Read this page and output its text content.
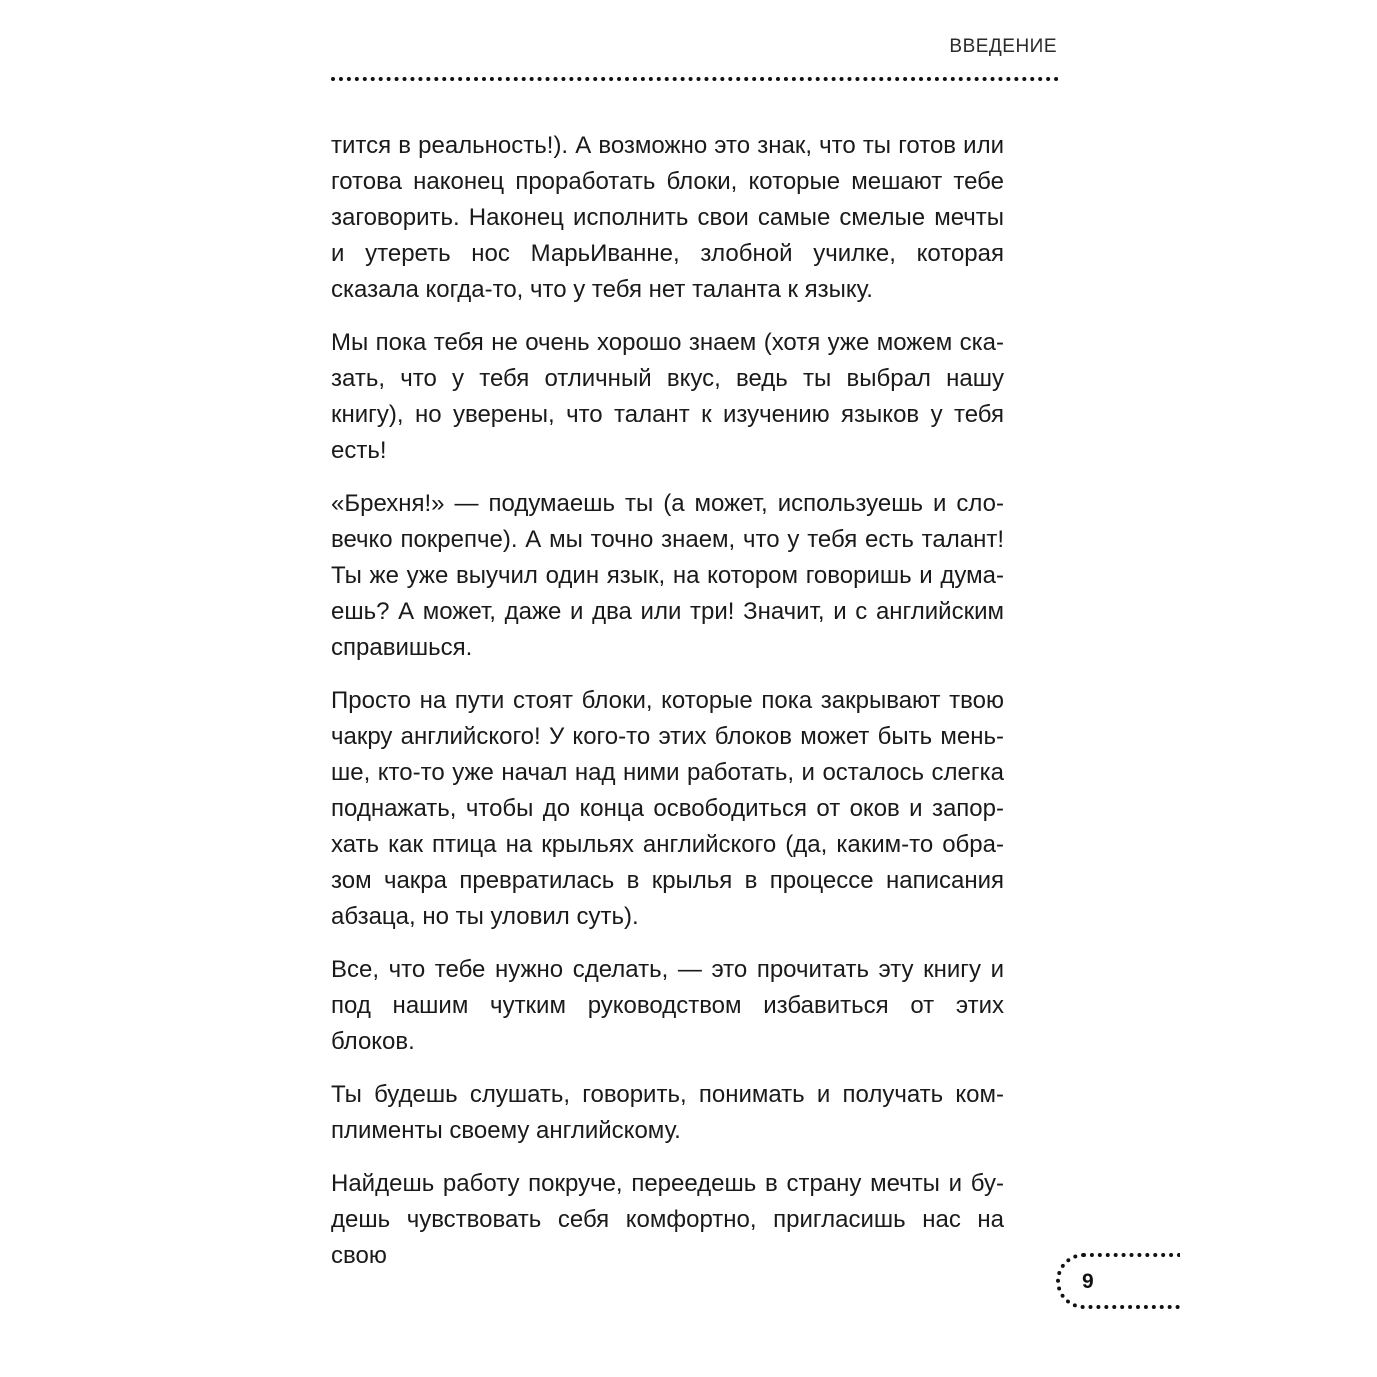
ВВЕДЕНИЕ

тится в реальность!). А возможно это знак, что ты готов или готова наконец проработать блоки, которые мешают тебе заговорить. Наконец исполнить свои самые смелые мечты и утереть нос МарьИванне, злобной училке, которая сказала когда-то, что у тебя нет таланта к языку.

Мы пока тебя не очень хорошо знаем (хотя уже можем сказать, что у тебя отличный вкус, ведь ты выбрал нашу книгу), но уверены, что талант к изучению языков у тебя есть!

«Брехня!» — подумаешь ты (а может, используешь и словечко покрепче). А мы точно знаем, что у тебя есть талант! Ты же уже выучил один язык, на котором говоришь и думаешь? А может, даже и два или три! Значит, и с английским справишься.

Просто на пути стоят блоки, которые пока закрывают твою чакру английского! У кого-то этих блоков может быть меньше, кто-то уже начал над ними работать, и осталось слегка поднажать, чтобы до конца освободиться от оков и запорхать как птица на крыльях английского (да, каким-то образом чакра превратилась в крылья в процессе написания абзаца, но ты уловил суть).

Все, что тебе нужно сделать, — это прочитать эту книгу и под нашим чутким руководством избавиться от этих блоков.

Ты будешь слушать, говорить, понимать и получать комплименты своему английскому.

Найдешь работу покруче, переедешь в страну мечты и будешь чувствовать себя комфортно, пригласишь нас на свою

9
